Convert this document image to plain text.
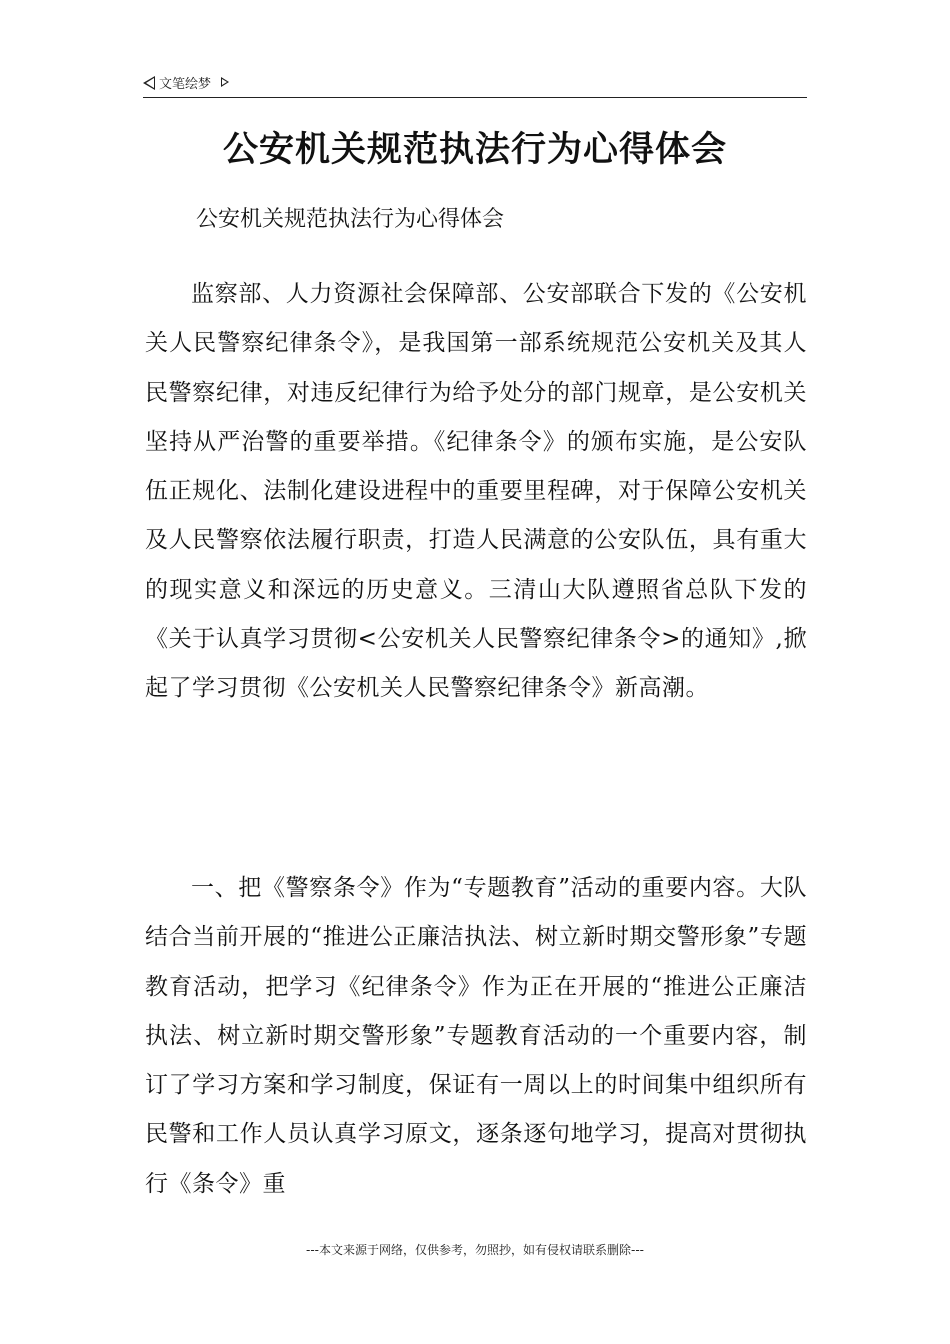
文笔绘梦
公安机关规范执法行为心得体会
公安机关规范执法行为心得体会

监察部、人力资源社会保障部、公安部联合下发的《公安机关人民警察纪律条令》，是我国第一部系统规范公安机关及其人民警察纪律，对违反纪律行为给予处分的部门规章，是公安机关坚持从严治警的重要举措。《纪律条令》的颁布实施，是公安队伍正规化、法制化建设进程中的重要里程碑，对于保障公安机关及人民警察依法履行职责，打造人民满意的公安队伍，具有重大的现实意义和深远的历史意义。三清山大队遵照省总队下发的《关于认真学习贯彻<公安机关人民警察纪律条令>的通知》,掀起了学习贯彻《公安机关人民警察纪律条令》新高潮。

一、把《警察条令》作为“专题教育”活动的重要内容。大队结合当前开展的“推进公正廉洁执法、树立新时期交警形象”专题教育活动，把学习《纪律条令》作为正在开展的“推进公正廉洁执法、树立新时期交警形象”专题教育活动的一个重要内容，制订了学习方案和学习制度，保证有一周以上的时间集中组织所有民警和工作人员认真学习原文，逐条逐句地学习，提高对贯彻执行《条令》重

---本文来源于网络，仅供参考，勿照抄，如有侵权请联系删除---
